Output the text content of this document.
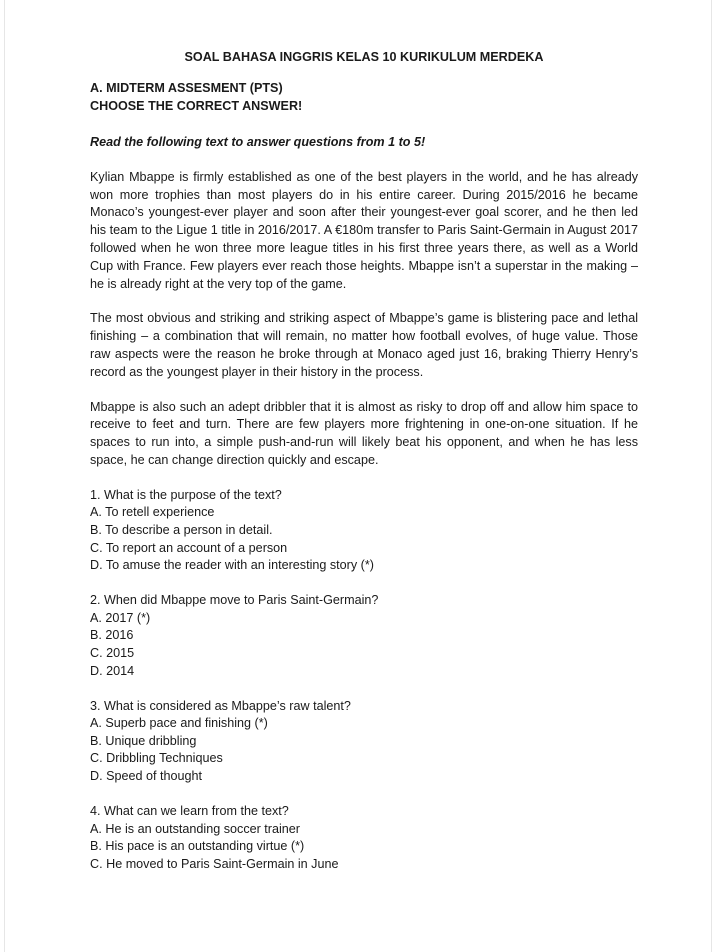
SOAL BAHASA INGGRIS KELAS 10 KURIKULUM MERDEKA
A. MIDTERM ASSESMENT (PTS)
CHOOSE THE CORRECT ANSWER!
Read the following text to answer questions from 1 to 5!

Kylian Mbappe is firmly established as one of the best players in the world, and he has already won more trophies than most players do in his entire career. During 2015/2016 he became Monaco’s youngest-ever player and soon after their youngest-ever goal scorer, and he then led his team to the Ligue 1 title in 2016/2017. A €180m transfer to Paris Saint-Germain in August 2017 followed when he won three more league titles in his first three years there, as well as a World Cup with France. Few players ever reach those heights. Mbappe isn’t a superstar in the making – he is already right at the very top of the game.

The most obvious and striking and striking aspect of Mbappe’s game is blistering pace and lethal finishing – a combination that will remain, no matter how football evolves, of huge value. Those raw aspects were the reason he broke through at Monaco aged just 16, braking Thierry Henry’s record as the youngest player in their history in the process.

Mbappe is also such an adept dribbler that it is almost as risky to drop off and allow him space to receive to feet and turn. There are few players more frightening in one-on-one situation. If he spaces to run into, a simple push-and-run will likely beat his opponent, and when he has less space, he can change direction quickly and escape.

1. What is the purpose of the text?
A. To retell experience
B. To describe a person in detail.
C. To report an account of a person
D. To amuse the reader with an interesting story (*)
2. When did Mbappe move to Paris Saint-Germain?
A. 2017 (*)
B. 2016
C. 2015
D. 2014
3. What is considered as Mbappe’s raw talent?
A. Superb pace and finishing (*)
B. Unique dribbling
C. Dribbling Techniques
D. Speed of thought
4. What can we learn from the text?
A. He is an outstanding soccer trainer
B. His pace is an outstanding virtue (*)
C. He moved to Paris Saint-Germain in June
